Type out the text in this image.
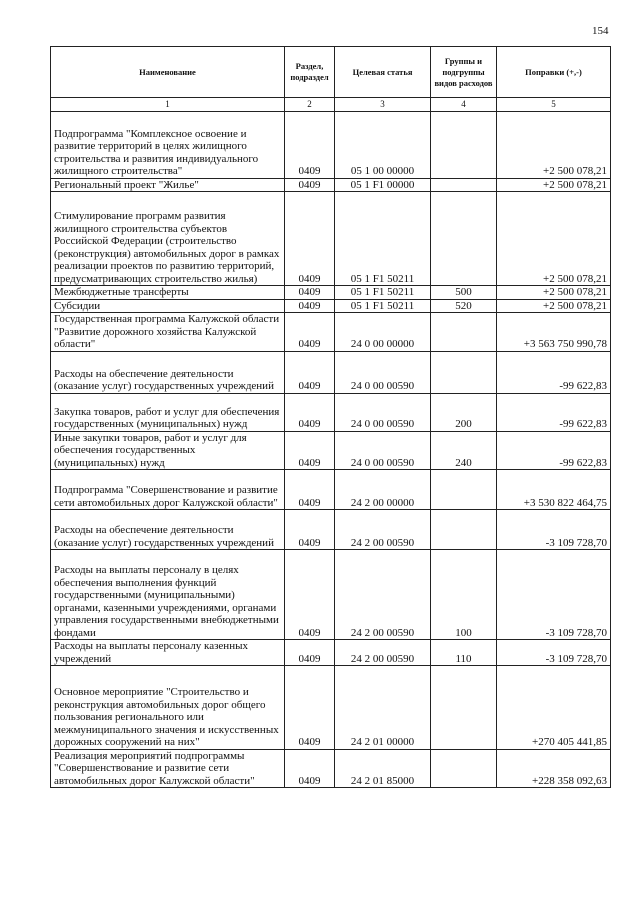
154
Наименование	Раздел, подраздел	Целевая статья	Группы и подгруппы видов расходов	Поправки (+,-)
1	2	3	4	5
Подпрограмма "Комплексное освоение и развитие территорий в целях жилищного строительства и развития индивидуального жилищного строительства"	0409	05 1 00 00000		+2 500 078,21
Региональный проект "Жилье"	0409	05 1 F1 00000		+2 500 078,21
Стимулирование программ развития жилищного строительства субъектов Российской Федерации (строительство (реконструкция) автомобильных дорог в рамках реализации проектов по развитию территорий, предусматривающих строительство жилья)	0409	05 1 F1 50211		+2 500 078,21
Межбюджетные трансферты	0409	05 1 F1 50211	500	+2 500 078,21
Субсидии	0409	05 1 F1 50211	520	+2 500 078,21
Государственная программа Калужской области "Развитие дорожного хозяйства Калужской области"	0409	24 0 00 00000		+3 563 750 990,78
Расходы на обеспечение деятельности (оказание услуг) государственных учреждений	0409	24 0 00 00590		-99 622,83
Закупка товаров, работ и услуг для обеспечения государственных (муниципальных) нужд	0409	24 0 00 00590	200	-99 622,83
Иные закупки товаров, работ и услуг для обеспечения государственных (муниципальных) нужд	0409	24 0 00 00590	240	-99 622,83
Подпрограмма "Совершенствование и развитие сети автомобильных дорог Калужской области"	0409	24 2 00 00000		+3 530 822 464,75
Расходы на обеспечение деятельности (оказание услуг) государственных учреждений	0409	24 2 00 00590		-3 109 728,70
Расходы на выплаты персоналу в целях обеспечения выполнения функций государственными (муниципальными) органами, казенными учреждениями, органами управления государственными внебюджетными фондами	0409	24 2 00 00590	100	-3 109 728,70
Расходы на выплаты персоналу казенных учреждений	0409	24 2 00 00590	110	-3 109 728,70
Основное мероприятие "Строительство и реконструкция автомобильных дорог общего пользования регионального или межмуниципального значения и искусственных дорожных сооружений на них"	0409	24 2 01 00000		+270 405 441,85
Реализация мероприятий подпрограммы "Совершенствование и развитие сети автомобильных дорог Калужской области"	0409	24 2 01 85000		+228 358 092,63
